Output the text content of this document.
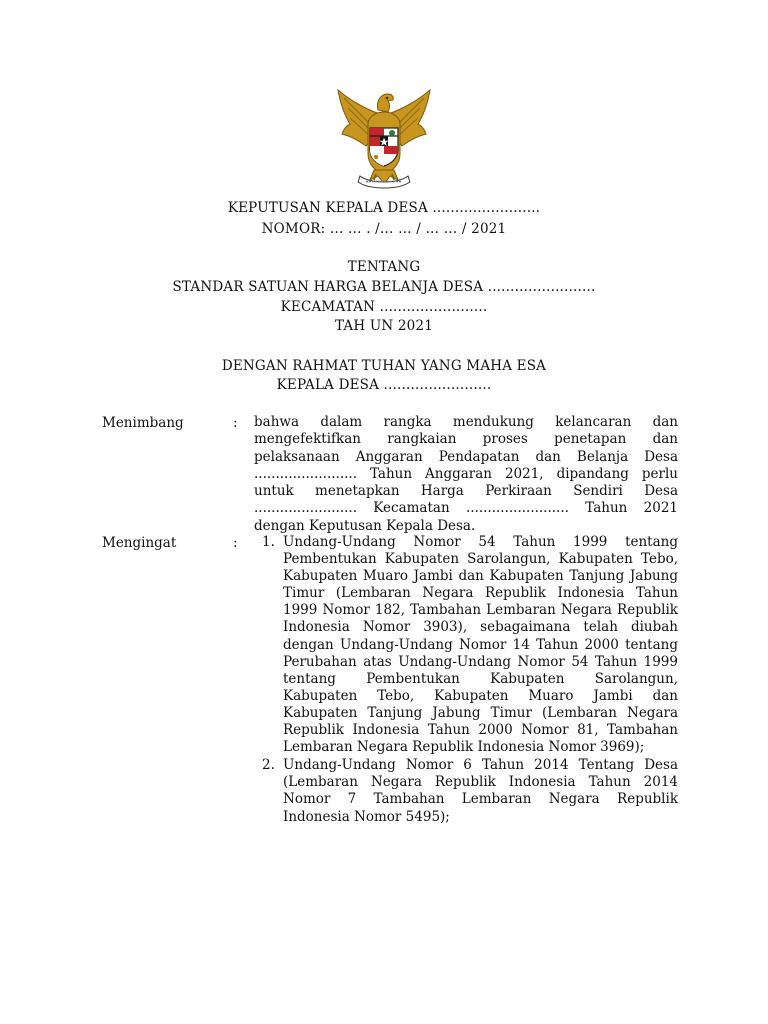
KEPUTUSAN KEPALA DESA ........................
NOMOR: … … . /… … / … … / 2021
TENTANG
STANDAR SATUAN HARGA BELANJA DESA ........................
KECAMATAN ........................
TAH UN 2021
DENGAN RAHMAT TUHAN YANG MAHA ESA
KEPALA DESA ........................
Menimbang	: bahwa dalam rangka mendukung kelancaran dan mengefektifkan rangkaian proses penetapan dan pelaksanaan Anggaran Pendapatan dan Belanja Desa ........................ Tahun Anggaran 2021, dipandang perlu untuk menetapkan Harga Perkiraan Sendiri Desa ........................ Kecamatan ........................ Tahun 2021 dengan Keputusan Kepala Desa.
Mengingat	: 1. Undang-Undang Nomor 54 Tahun 1999 tentang Pembentukan Kabupaten Sarolangun, Kabupaten Tebo, Kabupaten Muaro Jambi dan Kabupaten Tanjung Jabung Timur (Lembaran Negara Republik Indonesia Tahun 1999 Nomor 182, Tambahan Lembaran Negara Republik Indonesia Nomor 3903), sebagaimana telah diubah dengan Undang-Undang Nomor 14 Tahun 2000 tentang Perubahan atas Undang-Undang Nomor 54 Tahun 1999 tentang Pembentukan Kabupaten Sarolangun, Kabupaten Tebo, Kabupaten Muaro Jambi dan Kabupaten Tanjung Jabung Timur (Lembaran Negara Republik Indonesia Tahun 2000 Nomor 81, Tambahan Lembaran Negara Republik Indonesia Nomor 3969);
2. Undang-Undang Nomor 6 Tahun 2014 Tentang Desa (Lembaran Negara Republik Indonesia Tahun 2014 Nomor 7 Tambahan Lembaran Negara Republik Indonesia Nomor 5495);
